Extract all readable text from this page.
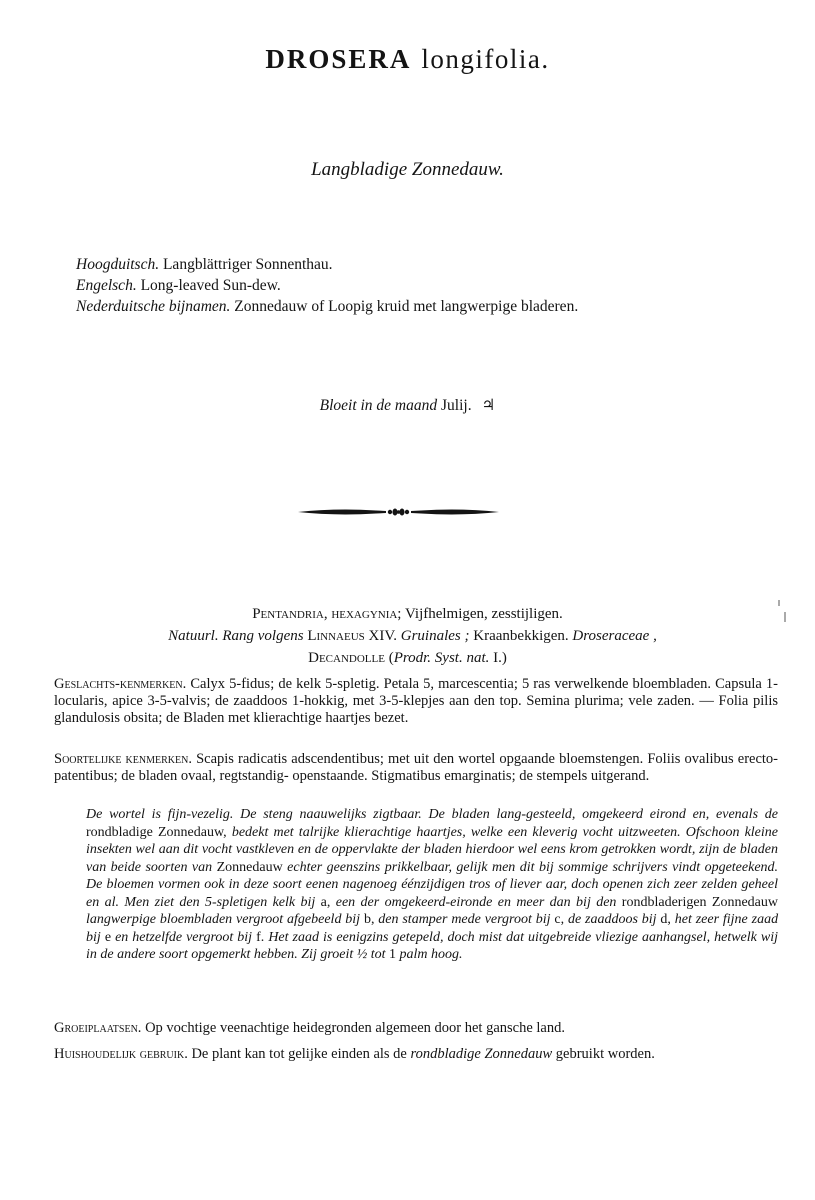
DROSERA longifolia.
Langbladige Zonnedauw.
Hoogduitsch. Langblättriger Sonnenthau.
Engelsch. Long-leaved Sun-dew.
Nederduitsche bijnamen. Zonnedauw of Loopig kruid met langwerpige bladeren.
Bloeit in de maand Julij. ♃
Pentandria, hexagynia; Vijfhelmigen, zesstijligen.
Natuurl. Rang volgens Linnaeus XIV. Gruinales ; Kraanbekkigen. Droseraceae ,
Decandolle (Prodr. Syst. nat. I.)
Geslachts-kenmerken. Calyx 5-fidus; de kelk 5-spletig. Petala 5, marcescentia; 5 ras verwelkende bloembladen. Capsula 1-locularis, apice 3-5-valvis; de zaaddoos 1-hokkig, met 3-5-klepjes aan den top. Semina plurima; vele zaden. — Folia pilis glandulosis obsita; de Bladen met klierachtige haartjes bezet.
Soortelijke kenmerken. Scapis radicatis adscendentibus; met uit den wortel opgaande bloemstengen. Foliis ovalibus erecto-patentibus; de bladen ovaal, regtstandig- openstaande. Stigmatibus emarginatis; de stempels uitgerand.
De wortel is fijn-vezelig. De steng naauwelijks zigtbaar. De bladen lang-gesteeld, omgekeerd eirond en, evenals de rondbladige Zonnedauw, bedekt met talrijke klierachtige haartjes, welke een kleverig vocht uitzweeten. Ofschoon kleine insekten wel aan dit vocht vastkleven en de oppervlakte der bladen hierdoor wel eens krom getrokken wordt, zijn de bladen van beide soorten van Zonnedauw echter geenszins prikkelbaar, gelijk men dit bij sommige schrijvers vindt opgeteekend. De bloemen vormen ook in deze soort eenen nagenoeg éénzijdigen tros of liever aar, doch openen zich zeer zelden geheel en al. Men ziet den 5-spletigen kelk bij a, een der omgekeerd-eironde en meer dan bij den rondbladerigen Zonnedauw langwerpige bloembladen vergroot afgebeeld bij b, den stamper mede vergroot bij c, de zaaddoos bij d, het zeer fijne zaad bij e en hetzelfde vergroot bij f. Het zaad is eenigzins getepeld, doch mist dat uitgebreide vliezige aanhangsel, hetwelk wij in de andere soort opgemerkt hebben. Zij groeit ½ tot 1 palm hoog.
Groeiplaatsen. Op vochtige veenachtige heidegronden algemeen door het gansche land.
Huishoudelijk gebruik. De plant kan tot gelijke einden als de rondbladige Zonnedauw gebruikt worden.
